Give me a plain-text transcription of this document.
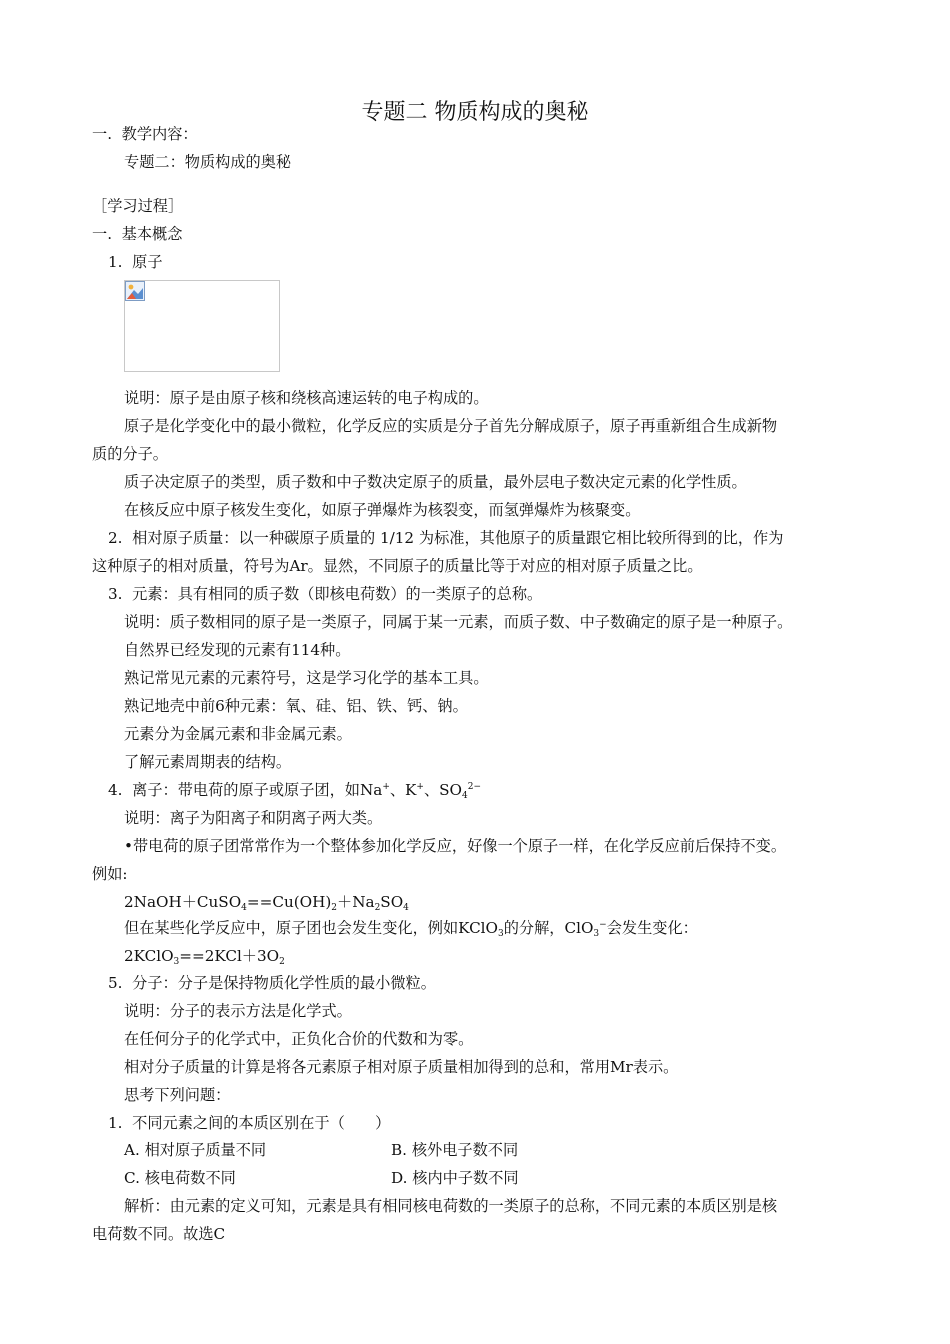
专题二 物质构成的奥秘
一. 教学内容：
专题二：物质构成的奥秘
［学习过程］
一. 基本概念
1. 原子
说明：原子是由原子核和绕核高速运转的电子构成的。
原子是化学变化中的最小微粒，化学反应的实质是分子首先分解成原子，原子再重新组合生成新物
质的分子。
质子决定原子的类型，质子数和中子数决定原子的质量，最外层电子数决定元素的化学性质。
在核反应中原子核发生变化，如原子弹爆炸为核裂变，而氢弹爆炸为核聚变。
2. 相对原子质量：以一种碳原子质量的 1/12 为标准，其他原子的质量跟它相比较所得到的比，作为
这种原子的相对质量，符号为Ar。显然，不同原子的质量比等于对应的相对原子质量之比。
3. 元素：具有相同的质子数（即核电荷数）的一类原子的总称。
说明：质子数相同的原子是一类原子，同属于某一元素，而质子数、中子数确定的原子是一种原子。
自然界已经发现的元素有114种。
熟记常见元素的元素符号，这是学习化学的基本工具。
熟记地壳中前6种元素：氧、硅、铝、铁、钙、钠。
元素分为金属元素和非金属元素。
了解元素周期表的结构。
4. 离子：带电荷的原子或原子团，如Na+、K+、$SO_4^{2-}$
说明：离子为阳离子和阴离子两大类。
•带电荷的原子团常常作为一个整体参加化学反应，好像一个原子一样，在化学反应前后保持不变。
例如:
$2NaOH+CuSO_4==Cu(OH)_2+Na_2SO_4$
但在某些化学反应中，原子团也会发生变化，例如KClO$_3$的分解，ClO$_3$−会发生变化：
$2KClO_3==2KCl+3O_2$
5. 分子：分子是保持物质化学性质的最小微粒。
说明：分子的表示方法是化学式。
在任何分子的化学式中，正负化合价的代数和为零。
相对分子质量的计算是将各元素原子相对原子质量相加得到的总和，常用Mr表示。
思考下列问题：
1. 不同元素之间的本质区别在于（　　）
A. 相对原子质量不同	B. 核外电子数不同
C. 核电荷数不同	D. 核内中子数不同
解析：由元素的定义可知，元素是具有相同核电荷数的一类原子的总称，不同元素的本质区别是核
电荷数不同。故选C
